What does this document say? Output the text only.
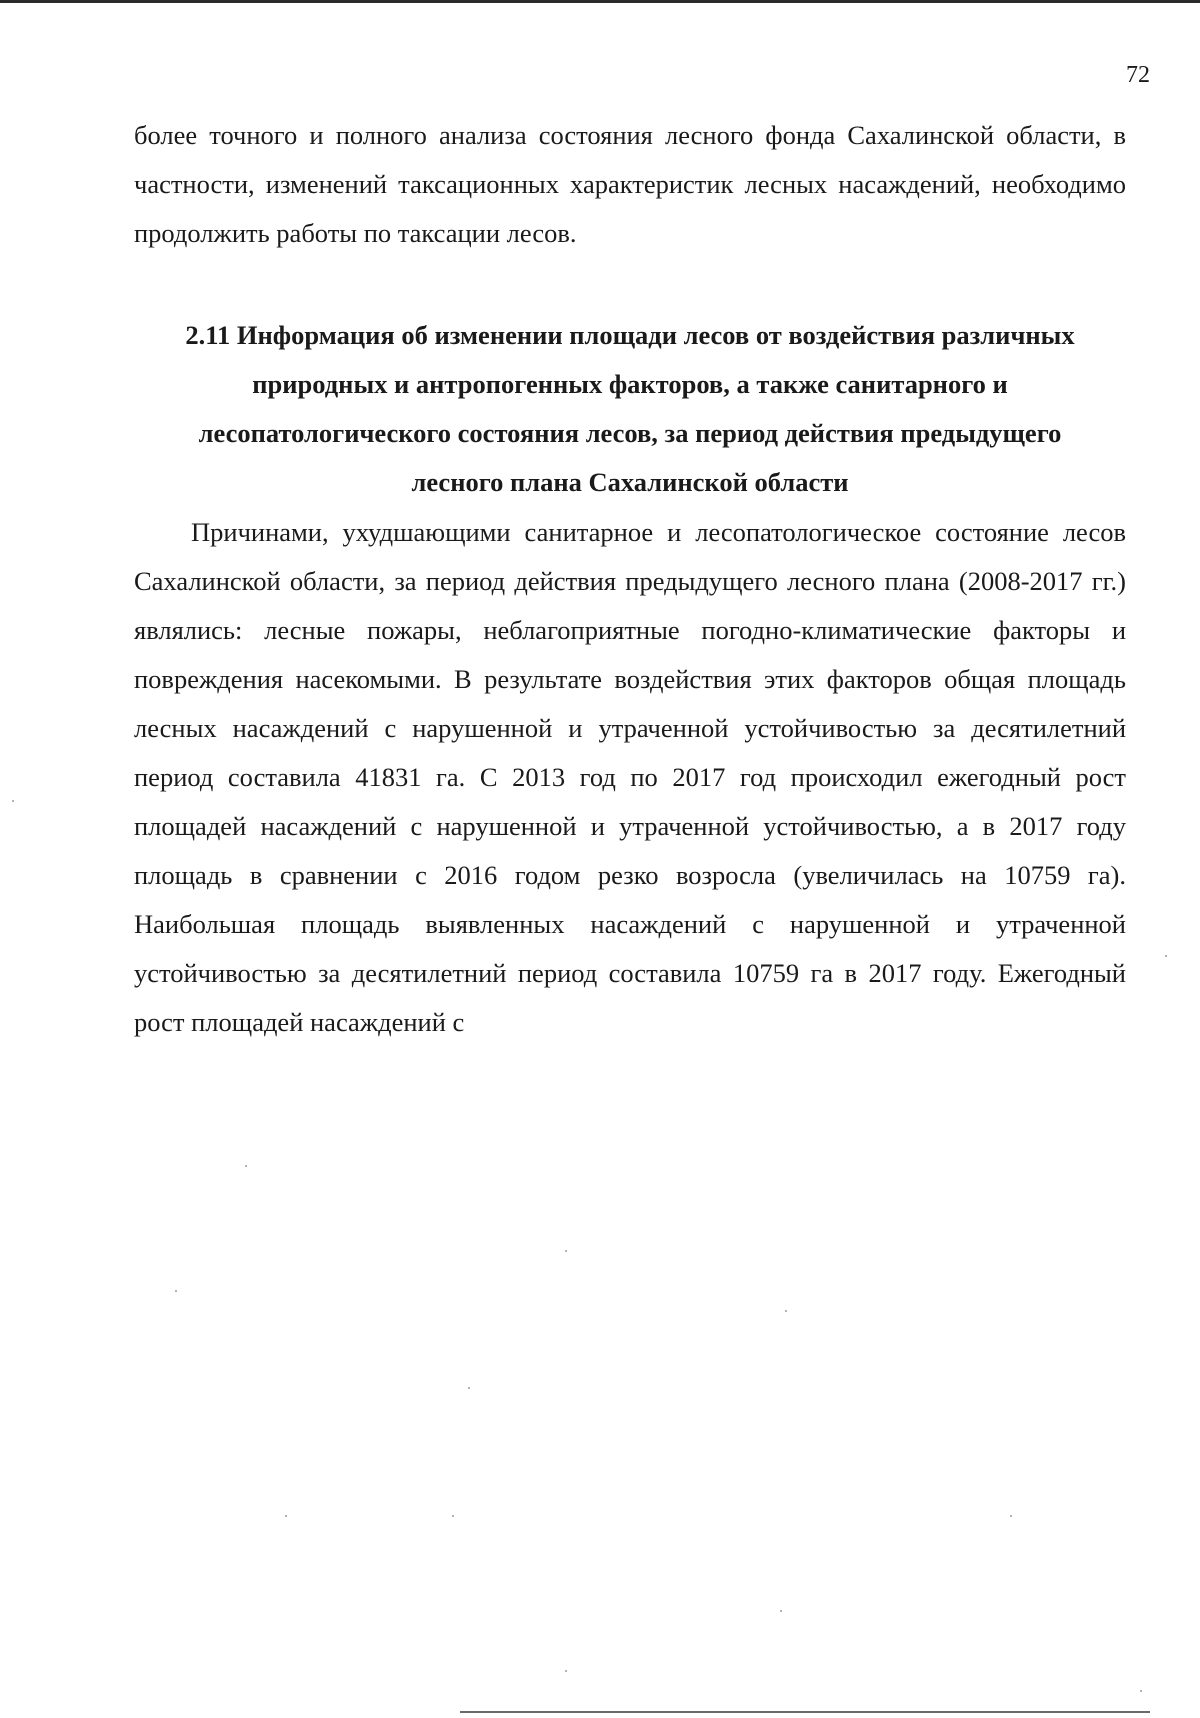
72

более точного и полного анализа состояния лесного фонда Сахалинской области, в частности, изменений таксационных характеристик лесных насаждений, необходимо продолжить работы по таксации лесов.

2.11 Информация об изменении площади лесов от воздействия различных
природных и антропогенных факторов, а также санитарного и
лесопатологического состояния лесов, за период действия предыдущего
лесного плана Сахалинской области

Причинами, ухудшающими санитарное и лесопатологическое состояние лесов Сахалинской области, за период действия предыдущего лесного плана (2008-2017 гг.) являлись: лесные пожары, неблагоприятные погодно-климатические факторы и повреждения насекомыми. В результате воздействия этих факторов общая площадь лесных насаждений с нарушенной и утраченной устойчивостью за десятилетний период составила 41831 га. С 2013 год по 2017 год происходил ежегодный рост площадей насаждений с нарушенной и утраченной устойчивостью, а в 2017 году площадь в сравнении с 2016 годом резко возросла (увеличилась на 10759 га). Наибольшая площадь выявленных насаждений с нарушенной и утраченной устойчивостью за десятилетний период составила 10759 га в 2017 году. Ежегодный рост площадей насаждений с
